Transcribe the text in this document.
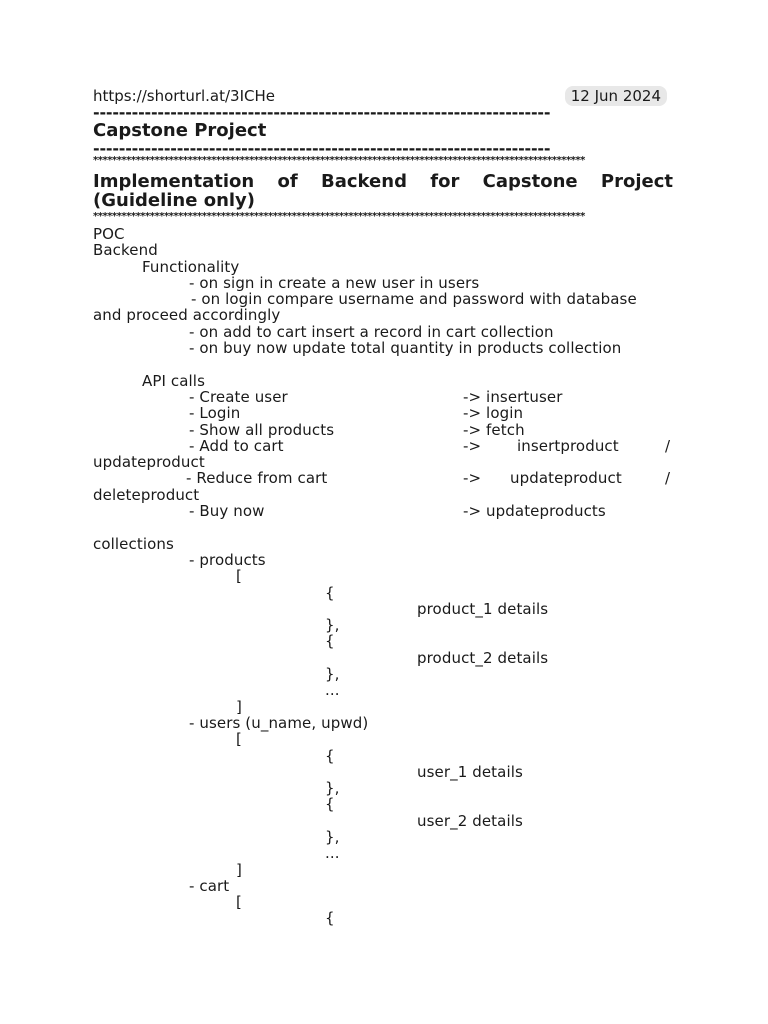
https://shorturl.at/3ICHe	12 Jun 2024
-----------------------------------------------------------------------
Capstone Project
-----------------------------------------------------------------------
********************************************************************************************************
Implementation of Backend for Capstone Project (Guideline only)
********************************************************************************************************
POC
Backend
Functionality
- on sign in create a new user in users
- on login compare username and password with database
and proceed accordingly
- on add to cart insert a record in cart collection
- on buy now update total quantity in products collection
API calls
- Create user	-> insertuser
- Login	-> login
- Show all products	-> fetch
- Add to cart	-> insertproduct	/
updateproduct
- Reduce from cart	-> updateproduct	/
deleteproduct
- Buy now	-> updateproducts
collections
- products
[
{
product_1 details
},
{
product_2 details
},
...
]
- users (u_name, upwd)
[
{
user_1 details
},
{
user_2 details
},
...
]
- cart
[
{
